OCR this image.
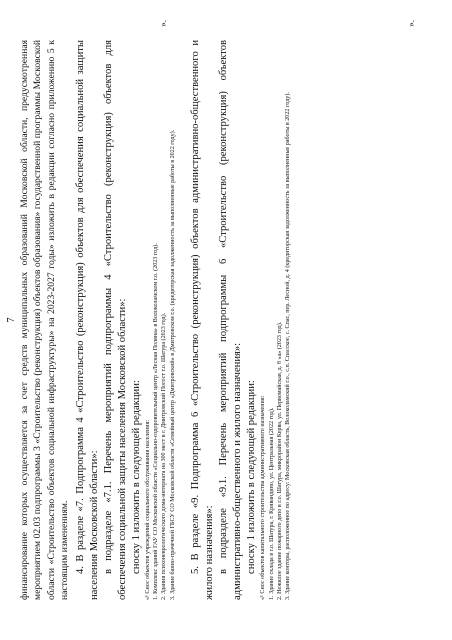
7 финансирование которых осуществляется за счет средств муниципальных образований Московской области, предусмотренная мероприятием 02.03 подпрограммы 3 «Строительство (реконструкция) объектов образования» государственной программы Московской области «Строительство объектов социальной инфраструктуры» на 2023-2027 годы» изложить в редакции согласно приложению 5 к настоящим изменениям. 4. В разделе «7. Подпрограмма 4 «Строительство (реконструкция) объектов для обеспечения социальной защиты населения Московской области»: в подразделе «7.1. Перечень мероприятий подпрограммы 4 «Строительство (реконструкция) объектов для обеспечения социальной защиты населения Московской области»: сноску 1 изложить в следующей редакции: «¹ Снос объектов учреждений социального обслуживания населения: 1. Комплекс зданий ГАУ СО Московской области «Социально-оздоровительный центр «Лесная Поляна» в Волоколамском г.о. (2023 год). 2. Здания психоневрологического дома-интерната на 300 мест в г. Дмитровский Погост г.о. Шатура (2023 год). 3. Здание банно-прачечной ГБСУ СО Московской области «Семейный центр «Дмитровский» в Дмитровском г.о. (кредиторская задолженность за выполненные работы в 2022 году). 5. В разделе «9. Подпрограмма 6 «Строительство (реконструкция) объектов административно-общественного и жилого назначения»: в подразделе «9.1. Перечень мероприятий подпрограммы 6 «Строительство (реконструкция) объектов административно-общественного и жилого назначения»: сноску 1 изложить в следующей редакции: «¹ Снос объектов капитального строительства административного назначения: 1. Здание склада в г.о. Шатура, г. Кривандино, ул. Центральная (2022 год). 2. Нежилое здание пожарного депо в г.о. Шатура, микрорайон Керва, ул. Первомайская, д. 8 «а» (2023 год). 3. Здание конторы, расположенное по адресу: Московская область, Волоколамский г.о., с.п. Спасское, с. Спас, пер. Лесной, д. 4 (кредиторская задолженность за выполненные работы в 2022 году).

».	».
